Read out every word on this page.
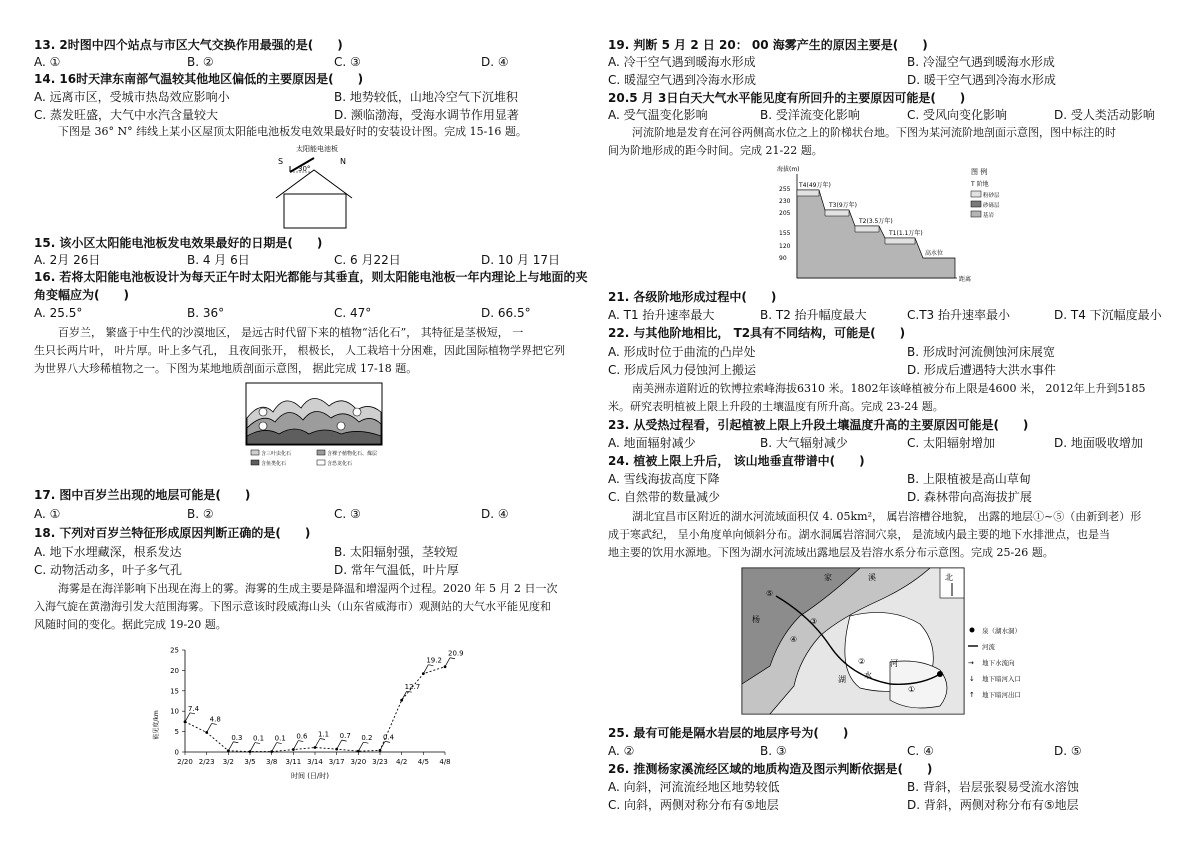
13. 2时图中四个站点与市区大气交换作用最强的是(　　)
A. ①	B. ②	C. ③	D. ④
14. 16时天津东南部气温较其他地区偏低的主要原因是(　　)
A. 远离市区，受城市热岛效应影响小	B. 地势较低，山地冷空气下沉堆积
C. 蒸发旺盛，大气中水汽含量较大	D. 濒临渤海，受海水调节作用显著
下图是 36° N° 纬线上某小区屋顶太阳能电池板发电效果最好时的安装设计图。完成 15-16 题。
太阳能电池板
S	N
30°
15. 该小区太阳能电池板发电效果最好的日期是(　　)
A. 2月 26日	B. 4 月 6日	C. 6 月22日	D. 10 月 17日
16. 若将太阳能电池板设计为每天正午时太阳光都能与其垂直，则太阳能电池板一年内理论上与地面的夹
角变幅应为(　　)
A. 25.5°	B. 36°	C. 47°	D. 66.5°
百岁兰， 繁盛于中生代的沙漠地区， 是远古时代留下来的植物“活化石”， 其特征是茎极短， 一
生只长两片叶， 叶片厚。叶上多气孔， 且夜间张开， 根极长， 人工栽培十分困难，因此国际植物学界把它列
为世界八大珍稀植物之一。下图为某地地质剖面示意图， 据此完成 17-18 题。
含三叶虫化石	含裸子植物化石、煤层
含鱼类化石	含恐龙化石
17. 图中百岁兰出现的地层可能是(　　)
A. ①	B. ②	C. ③	D. ④
18. 下列对百岁兰特征形成原因判断正确的是(　　)
A. 地下水埋藏深，根系发达	B. 太阳辐射强，茎较短
C. 动物活动多，叶子多气孔	D. 常年气温低，叶片厚
海雾是在海洋影响下出现在海上的雾。海雾的生成主要是降温和增湿两个过程。2020 年 5 月 2 日一次
入海气旋在黄渤海引发大范围海雾。下图示意该时段威海山头（山东省威海市）观测站的大气水平能见度和
风随时间的变化。据此完成 19-20 题。
0
5
10
15
20
25
2/20 2/23 3/2 3/5 3/8 3/11 3/14 3/17 3/20 3/23 4/2 4/5 4/8
7.4
4.8
0.3 0.1 0.1 0.6 1.1 0.7 0.2 0.4
12.7
19.2
20.9
能见度/km
时间 (日/时)
19. 判断 5 月 2 日 20： 00 海雾产生的原因主要是(　　)
A. 冷干空气遇到暖海水形成	B. 冷湿空气遇到暖海水形成
C. 暖湿空气遇到冷海水形成	D. 暖干空气遇到冷海水形成
20.5 月 3日白天大气水平能见度有所回升的主要原因可能是(　　)
A. 受气温变化影响	B. 受洋流变化影响	C. 受风向变化影响	D. 受人类活动影响
河流阶地是发育在河谷两侧高水位之上的阶梯状台地。下图为某河流阶地剖面示意图，图中标注的时
间为阶地形成的距今时间。完成 21-22 题。
海拔(m)
255
230
205
155
120
90
T4(49万年)
T3(9万年)
T2(3.5万年)
T1(1.1万年)
高水位
距离
图 例
T 阶地
粉砂层
砂砾层
基岩
21. 各级阶地形成过程中(　　)
A. T1 抬升速率最大	B. T2 抬升幅度最大	C.T3 抬升速率最小	D. T4 下沉幅度最小
22. 与其他阶地相比， T2具有不同结构，可能是(　　)
A. 形成时位于曲流的凸岸处	B. 形成时河流侧蚀河床展宽
C. 形成后风力侵蚀河上搬运	D. 形成后遭遇特大洪水事件
南美洲赤道附近的钦博拉索峰海拔6310 米。1802年该峰植被分布上限是4600 米， 2012年上升到5185
米。研究表明植被上限上升段的土壤温度有所升高。完成 23-24 题。
23. 从受热过程看，引起植被上限上升段土壤温度升高的主要原因可能是(　　)
A. 地面辐射减少	B. 大气辐射减少	C. 太阳辐射增加	D. 地面吸收增加
24. 植被上限上升后， 该山地垂直带谱中(　　)
A. 雪线海拔高度下降	B. 上限植被是高山草甸
C. 自然带的数量减少	D. 森林带向高海拔扩展
湖北宜昌市区附近的湖水河流域面积仅 4. 05km²， 属岩溶槽谷地貌， 出露的地层①~⑤（由新到老）形
成于寒武纪， 呈小角度单向倾斜分布。湖水洞属岩溶洞穴泉， 是流域内最主要的地下水排泄点，也是当
地主要的饮用水源地。下图为湖水河流域出露地层及岩溶水系分布示意图。完成 25-26 题。
北
家	溪
杨
河
湖 水
⑤
④
③
②
①
泉（湖水洞）
河流
→ 地下水流向
↓ 地下暗河入口
↑ 地下暗河出口
25. 最有可能是隔水岩层的地层序号为(　　)
A. ②	B. ③	C. ④	D. ⑤
26. 推测杨家溪流经区域的地质构造及图示判断依据是(　　)
A. 向斜，河流流经地区地势较低	B. 背斜，岩层张裂易受流水溶蚀
C. 向斜，两侧对称分布有⑤地层	D. 背斜，两侧对称分布有⑤地层
